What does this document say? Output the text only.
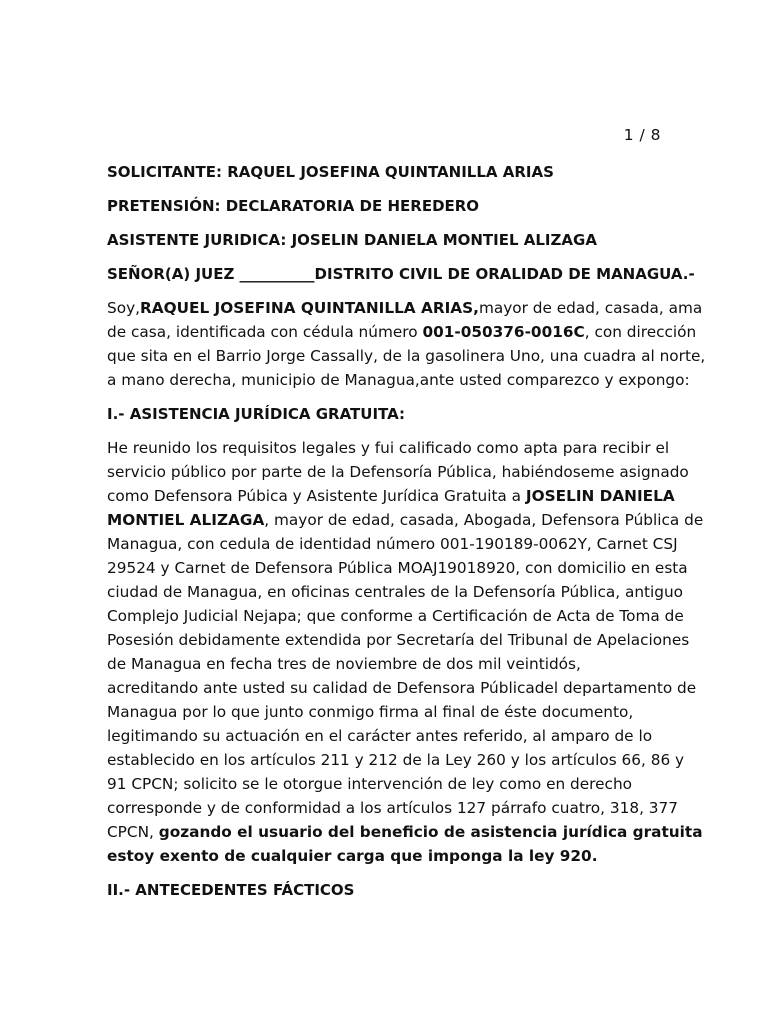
1 / 8
SOLICITANTE: RAQUEL JOSEFINA QUINTANILLA ARIAS
PRETENSIÓN: DECLARATORIA DE HEREDERO
ASISTENTE JURIDICA: JOSELIN DANIELA MONTIEL ALIZAGA
SEÑOR(A) JUEZ __________DISTRITO CIVIL DE ORALIDAD DE MANAGUA.-
Soy,RAQUEL JOSEFINA QUINTANILLA ARIAS,mayor de edad, casada, ama
de casa, identificada con cédula número 001-050376-0016C, con dirección
que sita en el Barrio Jorge Cassally, de la gasolinera Uno, una cuadra al norte,
a mano derecha, municipio de Managua,ante usted comparezco y expongo:
I.- ASISTENCIA JURÍDICA GRATUITA:
He reunido los requisitos legales y fui calificado como apta para recibir el
servicio público por parte de la Defensoría Pública, habiéndoseme asignado
como Defensora Púbica y Asistente Jurídica Gratuita a JOSELIN DANIELA
MONTIEL ALIZAGA, mayor de edad, casada, Abogada, Defensora Pública de
Managua, con cedula de identidad número 001-190189-0062Y, Carnet CSJ
29524 y Carnet de Defensora Pública MOAJ19018920, con domicilio en esta
ciudad de Managua, en oficinas centrales de la Defensoría Pública, antiguo
Complejo Judicial Nejapa; que conforme a Certificación de Acta de Toma de
Posesión debidamente extendida por Secretaría del Tribunal de Apelaciones
de Managua en fecha tres de noviembre de dos mil veintidós,
acreditando ante usted su calidad de Defensora Públicadel departamento de
Managua por lo que junto conmigo firma al final de éste documento,
legitimando su actuación en el carácter antes referido, al amparo de lo
establecido en los artículos 211 y 212 de la Ley 260 y los artículos 66, 86 y
91 CPCN; solicito se le otorgue intervención de ley como en derecho
corresponde y de conformidad a los artículos 127 párrafo cuatro, 318, 377
CPCN, gozando el usuario del beneficio de asistencia jurídica gratuita
estoy exento de cualquier carga que imponga la ley 920.
II.- ANTECEDENTES FÁCTICOS
